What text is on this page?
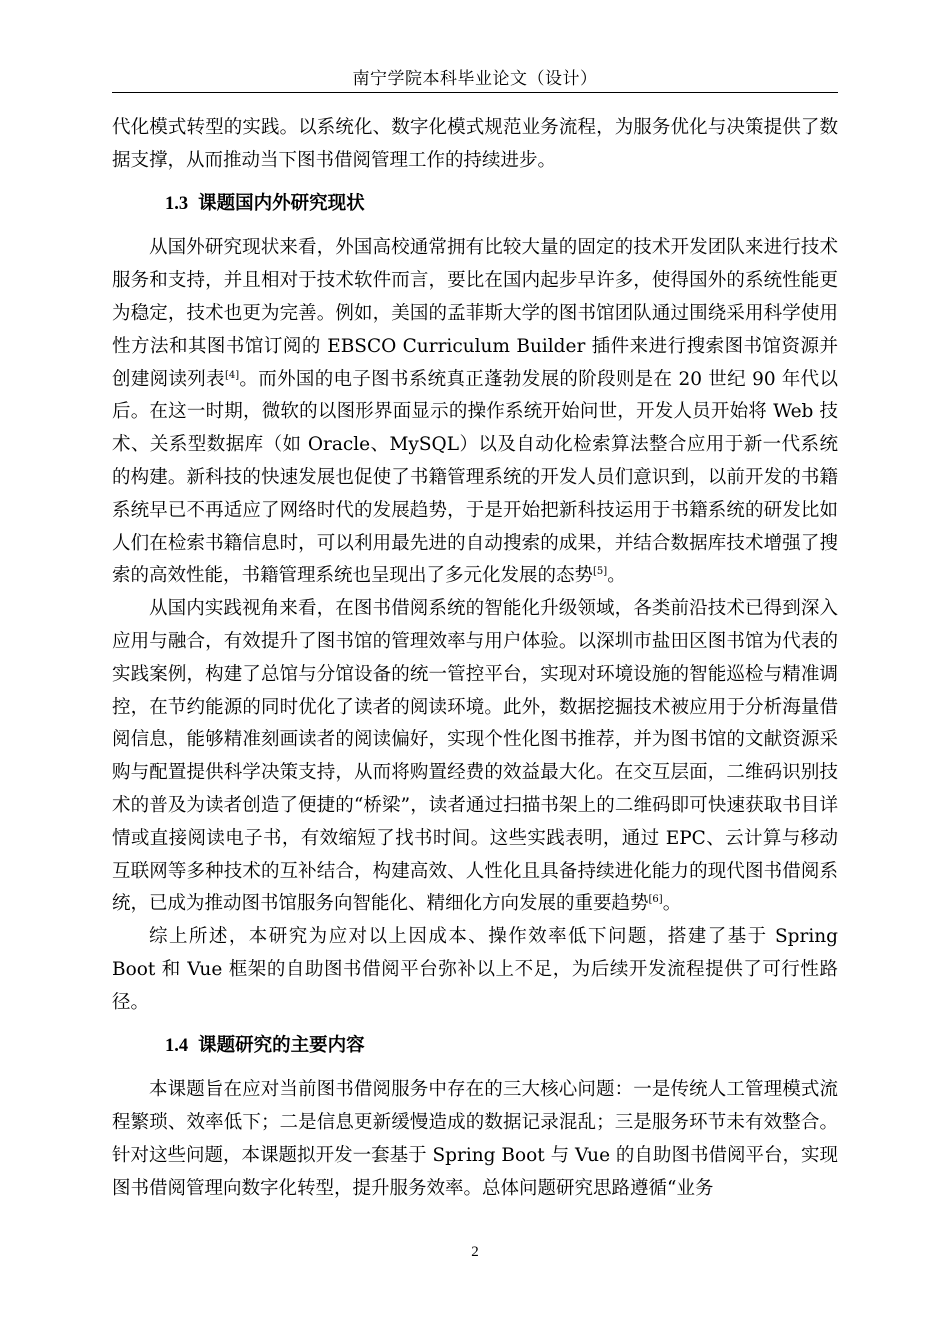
南宁学院本科毕业论文（设计）

代化模式转型的实践。以系统化、数字化模式规范业务流程，为服务优化与决策提供了数据支撑，从而推动当下图书借阅管理工作的持续进步。

1.3 课题国内外研究现状

从国外研究现状来看，外国高校通常拥有比较大量的固定的技术开发团队来进行技术服务和支持，并且相对于技术软件而言，要比在国内起步早许多，使得国外的系统性能更为稳定，技术也更为完善。例如，美国的孟菲斯大学的图书馆团队通过围绕采用科学使用性方法和其图书馆订阅的 EBSCO Curriculum Builder 插件来进行搜索图书馆资源并创建阅读列表[4]。而外国的电子图书系统真正蓬勃发展的阶段则是在 20 世纪 90 年代以后。在这一时期，微软的以图形界面显示的操作系统开始问世，开发人员开始将 Web 技术、关系型数据库（如 Oracle、MySQL）以及自动化检索算法整合应用于新一代系统的构建。新科技的快速发展也促使了书籍管理系统的开发人员们意识到，以前开发的书籍系统早已不再适应了网络时代的发展趋势，于是开始把新科技运用于书籍系统的研发比如人们在检索书籍信息时，可以利用最先进的自动搜索的成果，并结合数据库技术增强了搜索的高效性能，书籍管理系统也呈现出了多元化发展的态势[5]。

从国内实践视角来看，在图书借阅系统的智能化升级领域，各类前沿技术已得到深入应用与融合，有效提升了图书馆的管理效率与用户体验。以深圳市盐田区图书馆为代表的实践案例，构建了总馆与分馆设备的统一管控平台，实现对环境设施的智能巡检与精准调控，在节约能源的同时优化了读者的阅读环境。此外，数据挖掘技术被应用于分析海量借阅信息，能够精准刻画读者的阅读偏好，实现个性化图书推荐，并为图书馆的文献资源采购与配置提供科学决策支持，从而将购置经费的效益最大化。在交互层面，二维码识别技术的普及为读者创造了便捷的“桥梁”，读者通过扫描书架上的二维码即可快速获取书目详情或直接阅读电子书，有效缩短了找书时间。这些实践表明，通过 EPC、云计算与移动互联网等多种技术的互补结合，构建高效、人性化且具备持续进化能力的现代图书借阅系统，已成为推动图书馆服务向智能化、精细化方向发展的重要趋势[6]。

综上所述，本研究为应对以上因成本、操作效率低下问题，搭建了基于 Spring Boot 和 Vue 框架的自助图书借阅平台弥补以上不足，为后续开发流程提供了可行性路径。

1.4 课题研究的主要内容

本课题旨在应对当前图书借阅服务中存在的三大核心问题：一是传统人工管理模式流程繁琐、效率低下；二是信息更新缓慢造成的数据记录混乱；三是服务环节未有效整合。针对这些问题，本课题拟开发一套基于 Spring Boot 与 Vue 的自助图书借阅平台，实现图书借阅管理向数字化转型，提升服务效率。总体问题研究思路遵循“业务

2
